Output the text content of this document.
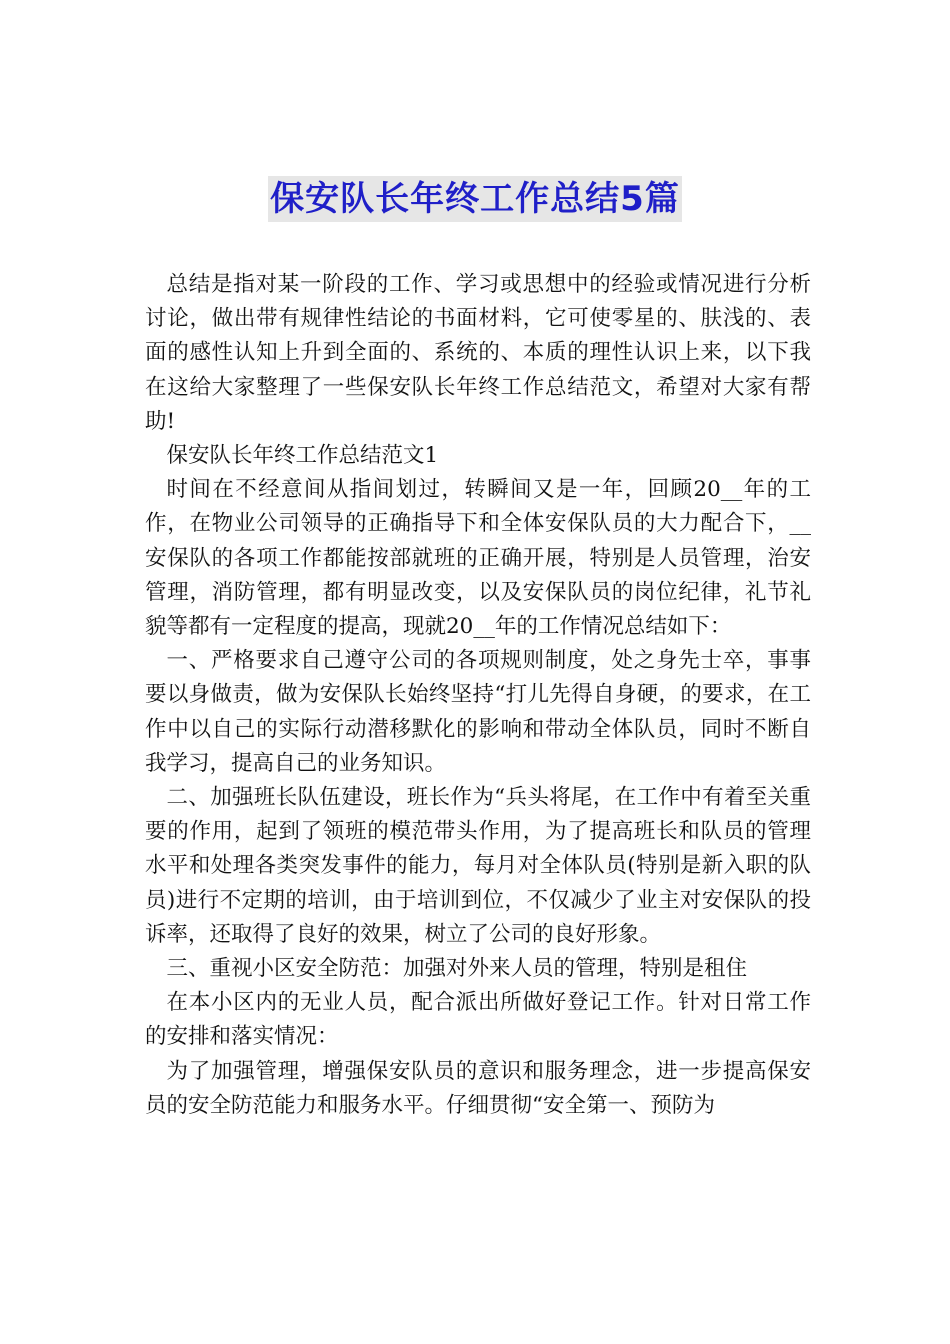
保安队长年终工作总结5篇

总结是指对某一阶段的工作、学习或思想中的经验或情况进行分析讨论，做出带有规律性结论的书面材料，它可使零星的、肤浅的、表面的感性认知上升到全面的、系统的、本质的理性认识上来，以下我在这给大家整理了一些保安队长年终工作总结范文，希望对大家有帮助!

保安队长年终工作总结范文1

时间在不经意间从指间划过，转瞬间又是一年，回顾20__年的工作，在物业公司领导的正确指导下和全体安保队员的大力配合下，__安保队的各项工作都能按部就班的正确开展，特别是人员管理，治安管理，消防管理，都有明显改变，以及安保队员的岗位纪律，礼节礼貌等都有一定程度的提高，现就20__年的工作情况总结如下：

一、严格要求自己遵守公司的各项规则制度，处之身先士卒，事事要以身做责，做为安保队长始终坚持“打儿先得自身硬，的要求，在工作中以自己的实际行动潜移默化的影响和带动全体队员，同时不断自我学习，提高自己的业务知识。

二、加强班长队伍建设，班长作为“兵头将尾，在工作中有着至关重要的作用，起到了领班的模范带头作用，为了提高班长和队员的管理水平和处理各类突发事件的能力，每月对全体队员(特别是新入职的队员)进行不定期的培训，由于培训到位，不仅减少了业主对安保队的投诉率，还取得了良好的效果，树立了公司的良好形象。

三、重视小区安全防范：加强对外来人员的管理，特别是租住

在本小区内的无业人员，配合派出所做好登记工作。针对日常工作的安排和落实情况：

为了加强管理，增强保安队员的意识和服务理念，进一步提高保安员的安全防范能力和服务水平。仔细贯彻“安全第一、预防为
